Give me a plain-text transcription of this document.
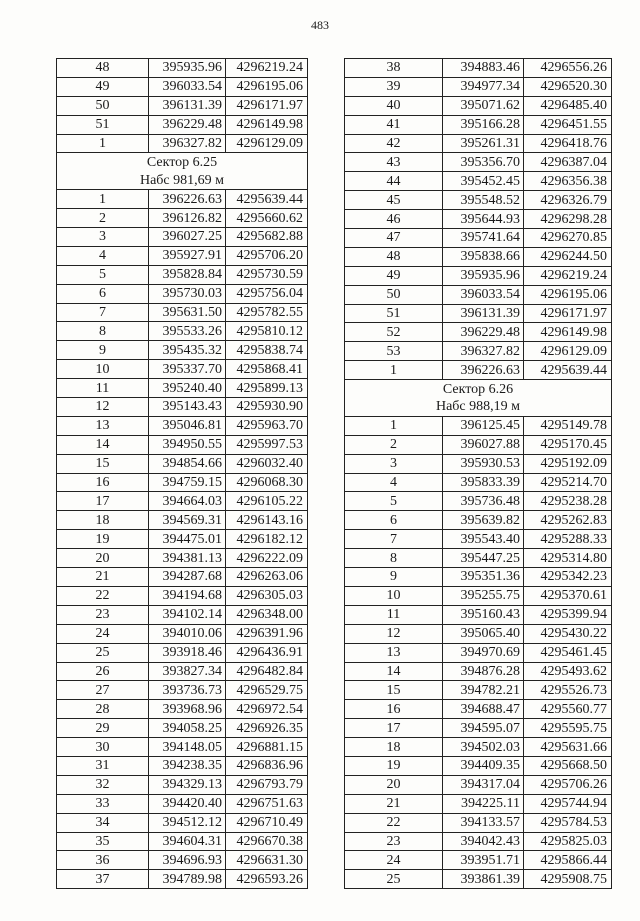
483
48	395935.96	4296219.24
49	396033.54	4296195.06
50	396131.39	4296171.97
51	396229.48	4296149.98
1	396327.82	4296129.09
Сектор 6.25		
Набс 981,69 м		
1	396226.63	4295639.44
2	396126.82	4295660.62
3	396027.25	4295682.88
4	395927.91	4295706.20
5	395828.84	4295730.59
6	395730.03	4295756.04
7	395631.50	4295782.55
8	395533.26	4295810.12
9	395435.32	4295838.74
10	395337.70	4295868.41
11	395240.40	4295899.13
12	395143.43	4295930.90
13	395046.81	4295963.70
14	394950.55	4295997.53
15	394854.66	4296032.40
16	394759.15	4296068.30
17	394664.03	4296105.22
18	394569.31	4296143.16
19	394475.01	4296182.12
20	394381.13	4296222.09
21	394287.68	4296263.06
22	394194.68	4296305.03
23	394102.14	4296348.00
24	394010.06	4296391.96
25	393918.46	4296436.91
26	393827.34	4296482.84
27	393736.73	4296529.75
28	393968.96	4296972.54
29	394058.25	4296926.35
30	394148.05	4296881.15
31	394238.35	4296836.96
32	394329.13	4296793.79
33	394420.40	4296751.63
34	394512.12	4296710.49
35	394604.31	4296670.38
36	394696.93	4296631.30
37	394789.98	4296593.26
38	394883.46	4296556.26
39	394977.34	4296520.30
40	395071.62	4296485.40
41	395166.28	4296451.55
42	395261.31	4296418.76
43	395356.70	4296387.04
44	395452.45	4296356.38
45	395548.52	4296326.79
46	395644.93	4296298.28
47	395741.64	4296270.85
48	395838.66	4296244.50
49	395935.96	4296219.24
50	396033.54	4296195.06
51	396131.39	4296171.97
52	396229.48	4296149.98
53	396327.82	4296129.09
1	396226.63	4295639.44
Сектор 6.26		
Набс 988,19 м		
1	396125.45	4295149.78
2	396027.88	4295170.45
3	395930.53	4295192.09
4	395833.39	4295214.70
5	395736.48	4295238.28
6	395639.82	4295262.83
7	395543.40	4295288.33
8	395447.25	4295314.80
9	395351.36	4295342.23
10	395255.75	4295370.61
11	395160.43	4295399.94
12	395065.40	4295430.22
13	394970.69	4295461.45
14	394876.28	4295493.62
15	394782.21	4295526.73
16	394688.47	4295560.77
17	394595.07	4295595.75
18	394502.03	4295631.66
19	394409.35	4295668.50
20	394317.04	4295706.26
21	394225.11	4295744.94
22	394133.57	4295784.53
23	394042.43	4295825.03
24	393951.71	4295866.44
25	393861.39	4295908.75
